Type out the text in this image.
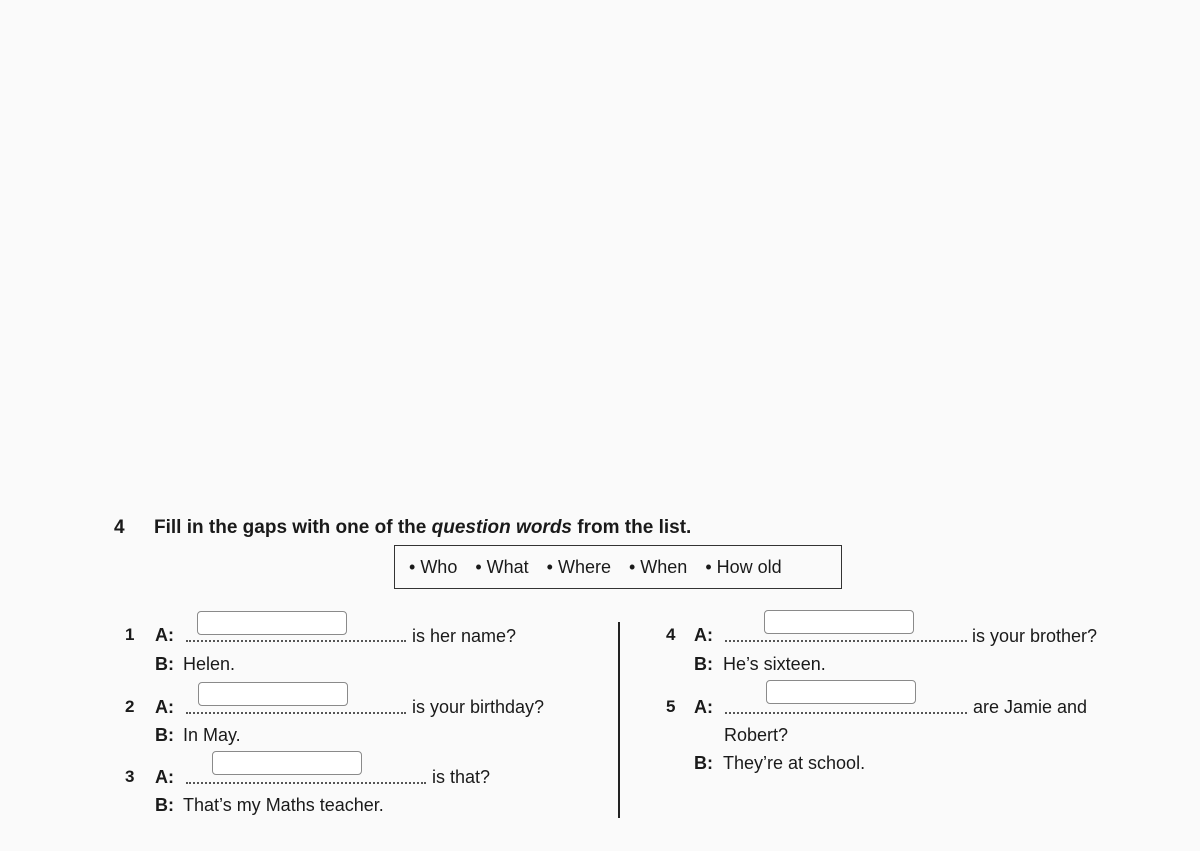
4 Fill in the gaps with one of the question words from the list.
• Who • What • Where • When • How old
1 A:	is her name?
B: Helen.
2 A:	is your birthday?
B: In May.
3 A:	is that?
B: That’s my Maths teacher.
4 A:	is your brother?
B: He’s sixteen.
5 A:	are Jamie and
Robert?
B: They’re at school.
